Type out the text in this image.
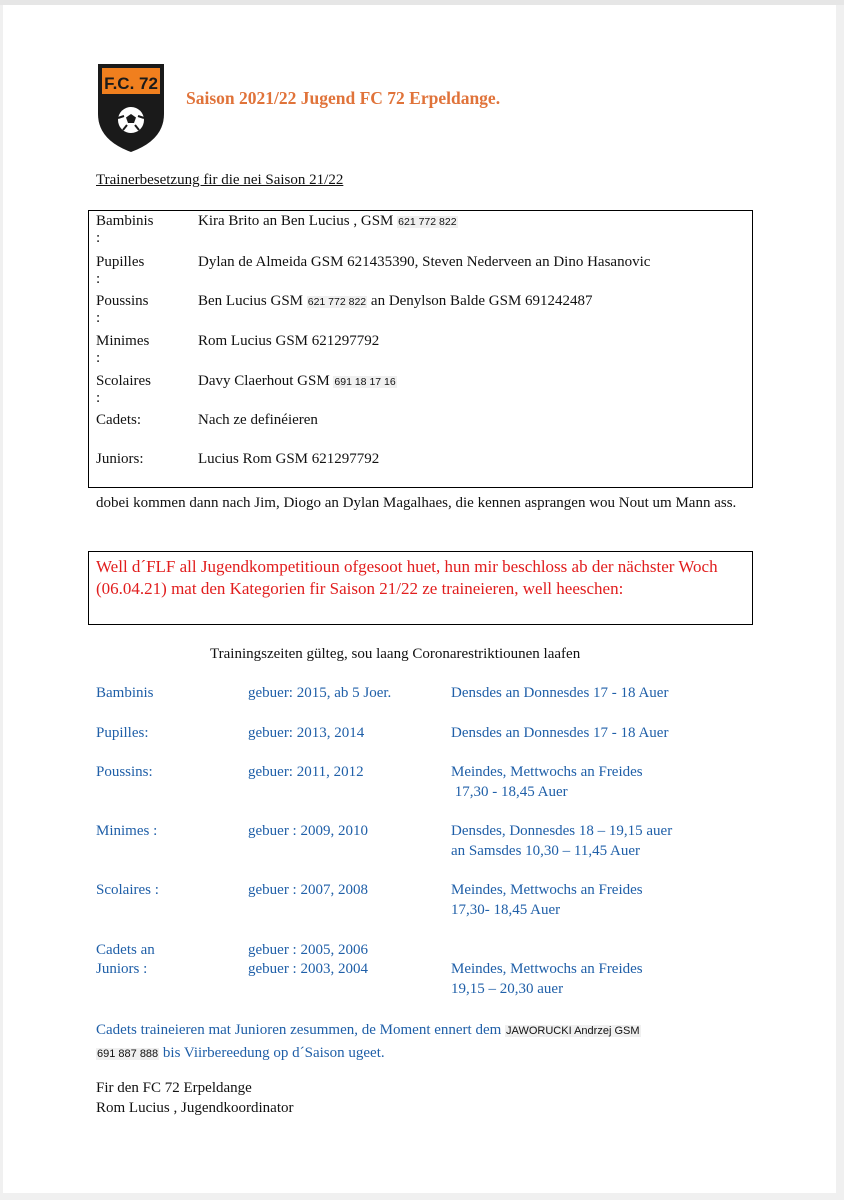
F.C. 72
Saison 2021/22 Jugend FC 72 Erpeldange.
Trainerbesetzung fir die nei Saison 21/22
Bambinis :
Kira Brito an Ben Lucius , GSM 621 772 822
Pupilles :
Dylan de Almeida GSM 621435390, Steven Nederveen an Dino Hasanovic
Poussins :
Ben Lucius GSM 621 772 822 an Denylson Balde GSM 691242487
Minimes :
Rom Lucius GSM 621297792
Scolaires :
Davy Claerhout GSM 691 18 17 16
Cadets:	Nach ze definéieren
Juniors:	Lucius Rom GSM 621297792
dobei kommen dann nach Jim, Diogo an Dylan Magalhaes, die kennen asprangen wou Nout um Mann ass.
Well d´FLF all Jugendkompetitioun ofgesoot huet, hun mir beschloss ab der nächster Woch (06.04.21) mat den Kategorien fir Saison 21/22 ze traineieren, well heeschen:
Trainingszeiten gülteg, sou laang Coronarestriktiounen laafen
Bambinis	gebuer: 2015, ab 5 Joer.	Densdes an Donnesdes 17 - 18 Auer
Pupilles:	gebuer: 2013, 2014	Densdes an Donnesdes 17 - 18 Auer
Poussins:	gebuer: 2011, 2012	Meindes, Mettwochs an Freides
17,30 - 18,45 Auer
Minimes :	gebuer : 2009, 2010	Densdes, Donnesdes 18 – 19,15 auer
an Samsdes 10,30 – 11,45 Auer
Scolaires :	gebuer : 2007, 2008	Meindes, Mettwochs an Freides
17,30- 18,45 Auer
Cadets an
Juniors :
gebuer : 2005, 2006
gebuer : 2003, 2004	Meindes, Mettwochs an Freides
19,15 – 20,30 auer
Cadets traineieren mat Junioren zesummen, de Moment ennert dem JAWORUCKI Andrzej GSM
691 887 888 bis Viirbereedung op d´Saison ugeet.
Fir den FC 72 Erpeldange
Rom Lucius , Jugendkoordinator
